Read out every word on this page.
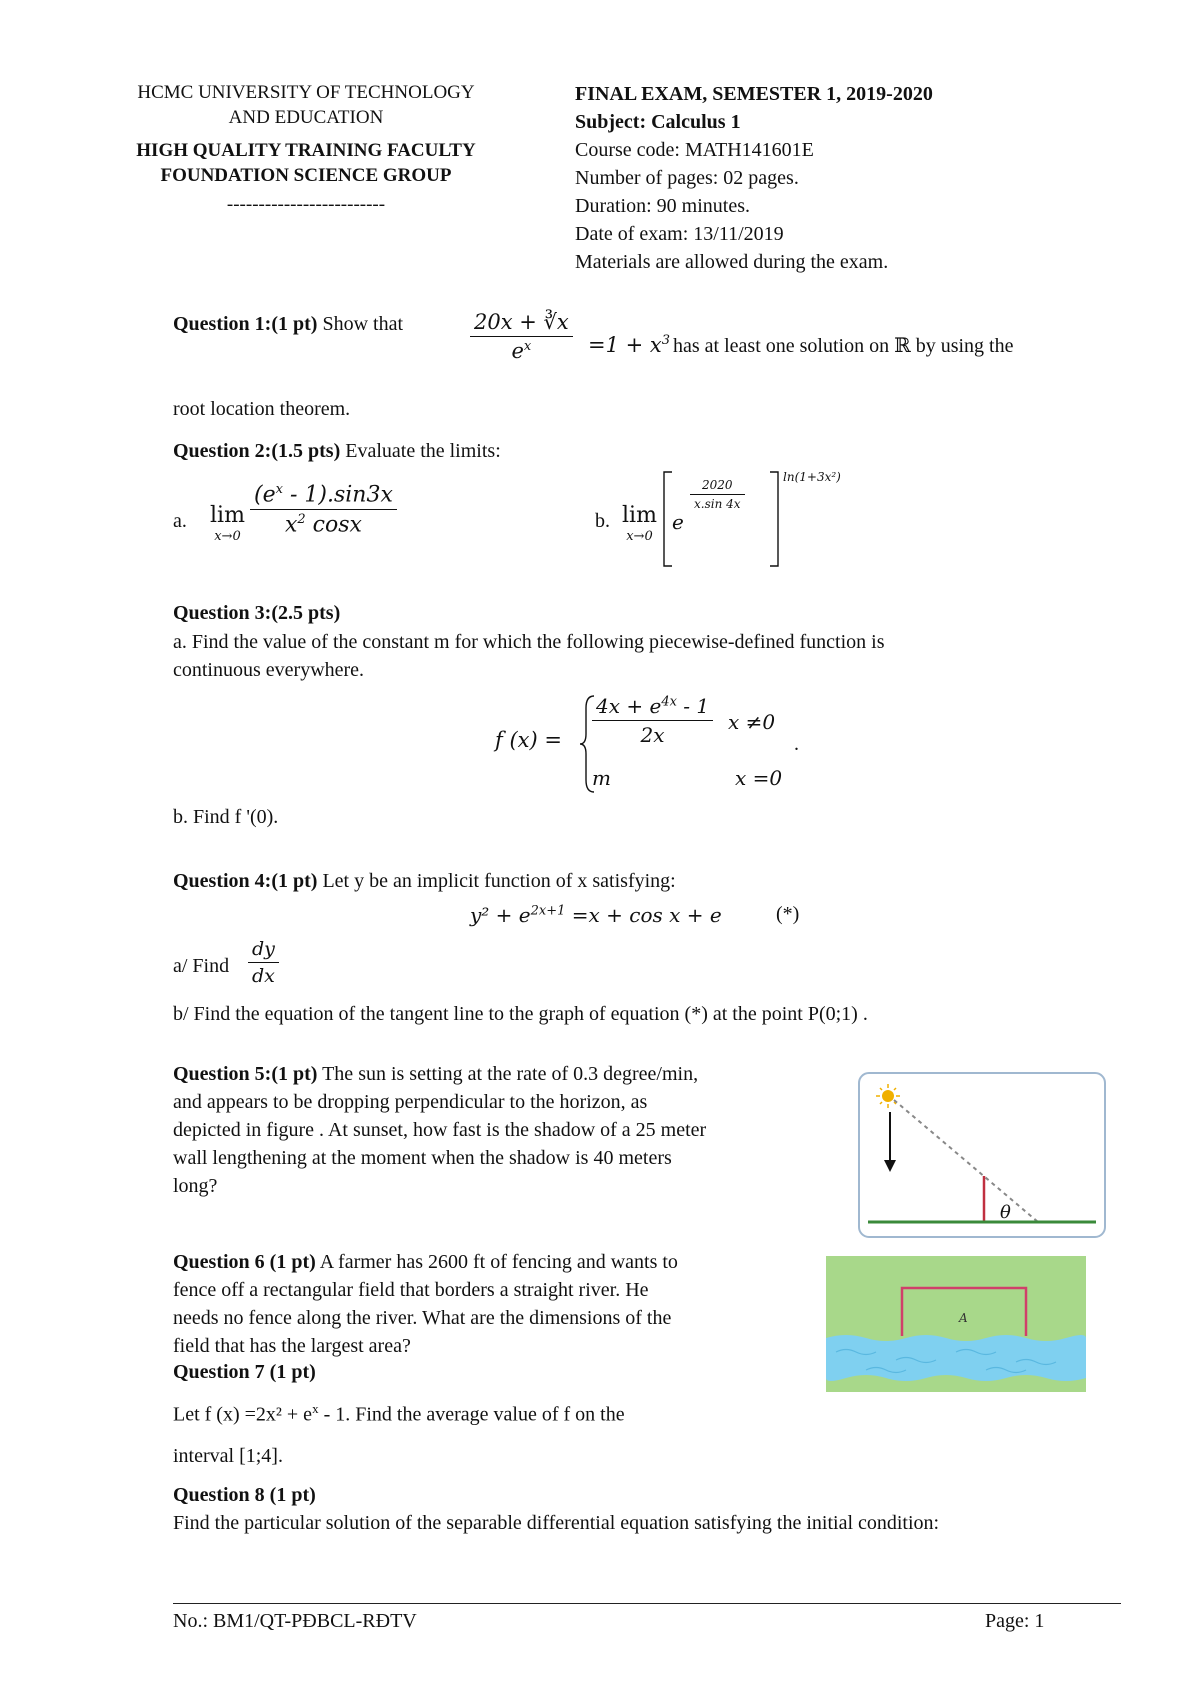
HCMC UNIVERSITY OF TECHNOLOGY
AND EDUCATION
HIGH QUALITY TRAINING FACULTY
FOUNDATION SCIENCE GROUP
-------------------------
FINAL EXAM, SEMESTER 1, 2019-2020
Subject: Calculus 1
Course code: MATH141601E
Number of pages: 02 pages.
Duration: 90 minutes.
Date of exam: 13/11/2019
Materials are allowed during the exam.
Question 1:(1 pt) Show that	$\frac{20x + ∛x}{e^x} =1 + x^3$ has at least one solution on ℝ by using the
root location theorem.
Question 2:(1.5 pts) Evaluate the limits:
a. lim
$x\to 0 \frac{(e^x - 1).\sin 3x}{x^2 \cos x}$	b. lim
x→0
e
$\frac{2020}{x.\sin 4x}$
ln(1+3x²)
Question 3:(2.5 pts)
a. Find the value of the constant m for which the following piecewise-defined function is
continuous everywhere.
f $(x) = \frac{4x + e^{4x} - 1}{2x}$ x ≠0
m	x =0
.
b. Find f '(0).
Question 4:(1 pt) Let y be an implicit function of x satisfying:
$y^2 + e^{2x+1} =x + \cos x + e$	(*)
a/ Find $\frac{dy}{dx}$
b/ Find the equation of the tangent line to the graph of equation (*) at the point P(0;1) .
Question 5:(1 pt) The sun is setting at the rate of 0.3 degree/min,
and appears to be dropping perpendicular to the horizon, as
depicted in figure . At sunset, how fast is the shadow of a 25 meter
wall lengthening at the moment when the shadow is 40 meters
long?
θ
Question 6 (1 pt) A farmer has 2600 ft of fencing and wants to
fence off a rectangular field that borders a straight river. He
needs no fence along the river. What are the dimensions of the
field that has the largest area?
A
Question 7 (1 pt)
Let f $(x) =2x^2 + e^x - 1$. Find the average value of f on the
interval [1;4].
Question 8 (1 pt)
Find the particular solution of the separable differential equation satisfying the initial condition:
No.: BM1/QT-PĐBCL-RĐTV	Page: 1
